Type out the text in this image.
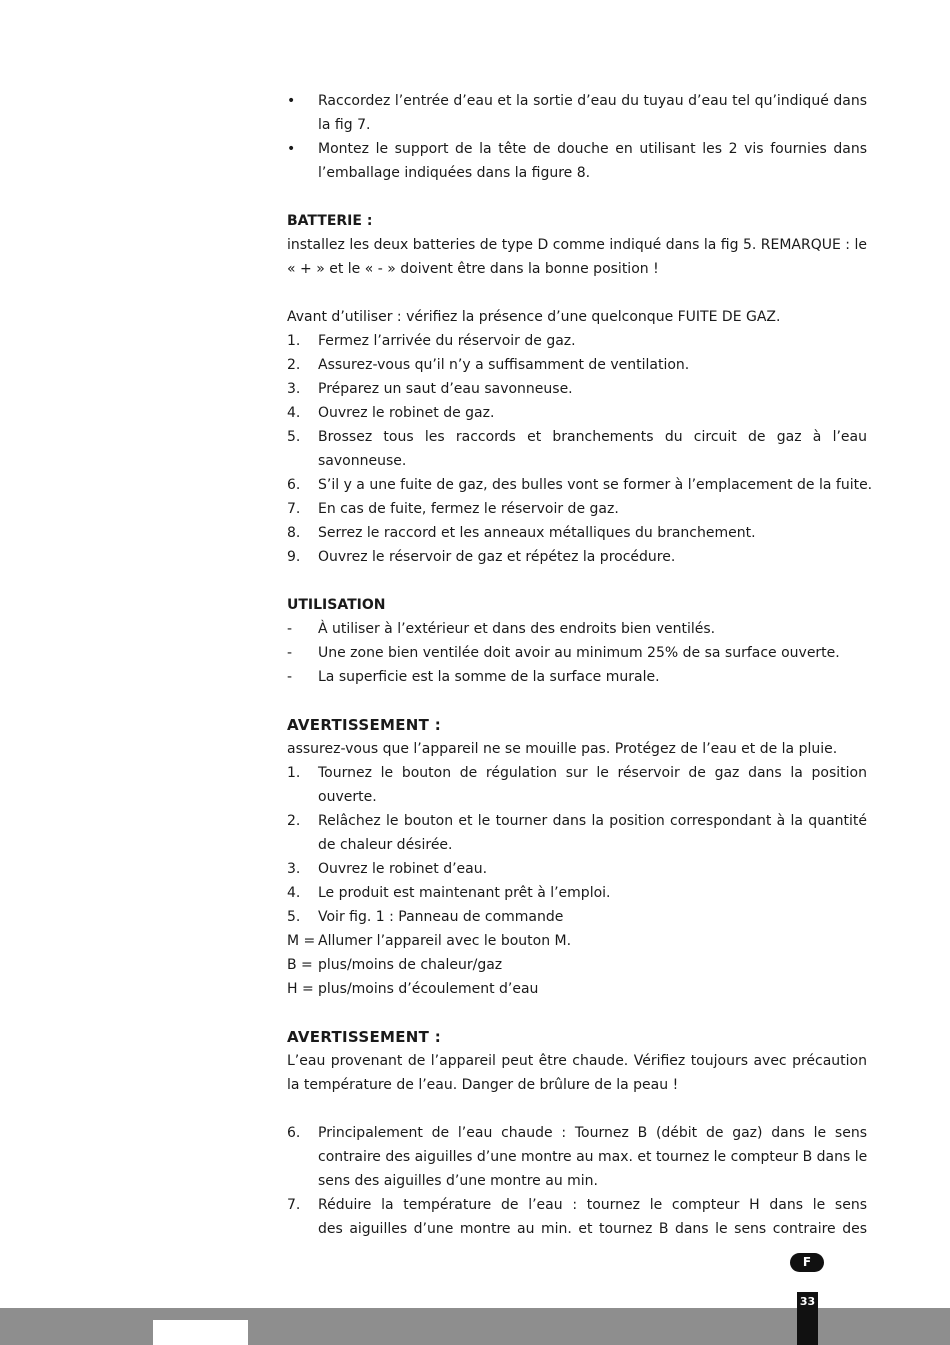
• Raccordez l’entrée d’eau et la sortie d’eau du tuyau d’eau tel qu’indiqué dans
la fig 7.
• Montez le support de la tête de douche en utilisant les 2 vis fournies dans
l’emballage indiquées dans la figure 8.
BATTERIE :
installez les deux batteries de type D comme indiqué dans la fig 5. REMARQUE : le
« + » et le « - » doivent être dans la bonne position !
Avant d’utiliser : vérifiez la présence d’une quelconque FUITE DE GAZ.
1. Fermez l’arrivée du réservoir de gaz.
2. Assurez-vous qu’il n’y a suffisamment de ventilation.
3. Préparez un saut d’eau savonneuse.
4. Ouvrez le robinet de gaz.
5. Brossez tous les raccords et branchements du circuit de gaz à l’eau
savonneuse.
6. S’il y a une fuite de gaz, des bulles vont se former à l’emplacement de la fuite.
7. En cas de fuite, fermez le réservoir de gaz.
8. Serrez le raccord et les anneaux métalliques du branchement.
9. Ouvrez le réservoir de gaz et répétez la procédure.
UTILISATION
- À utiliser à l’extérieur et dans des endroits bien ventilés.
- Une zone bien ventilée doit avoir au minimum 25% de sa surface ouverte.
- La superficie est la somme de la surface murale.
AVERTISSEMENT :
assurez-vous que l’appareil ne se mouille pas. Protégez de l’eau et de la pluie.
1. Tournez le bouton de régulation sur le réservoir de gaz dans la position
ouverte.
2. Relâchez le bouton et le tourner dans la position correspondant à la quantité
de chaleur désirée.
3. Ouvrez le robinet d’eau.
4. Le produit est maintenant prêt à l’emploi.
5. Voir fig. 1 : Panneau de commande
M = Allumer l’appareil avec le bouton M.
B = plus/moins de chaleur/gaz
H = plus/moins d’écoulement d’eau
AVERTISSEMENT :
L’eau provenant de l’appareil peut être chaude. Vérifiez toujours avec précaution
la température de l’eau. Danger de brûlure de la peau !
6. Principalement de l’eau chaude : Tournez B (débit de gaz) dans le sens
contraire des aiguilles d’une montre au max. et tournez le compteur B dans le
sens des aiguilles d’une montre au min.
7. Réduire la température de l’eau : tournez le compteur H dans le sens
des aiguilles d’une montre au min. et tournez B dans le sens contraire des
F
33
